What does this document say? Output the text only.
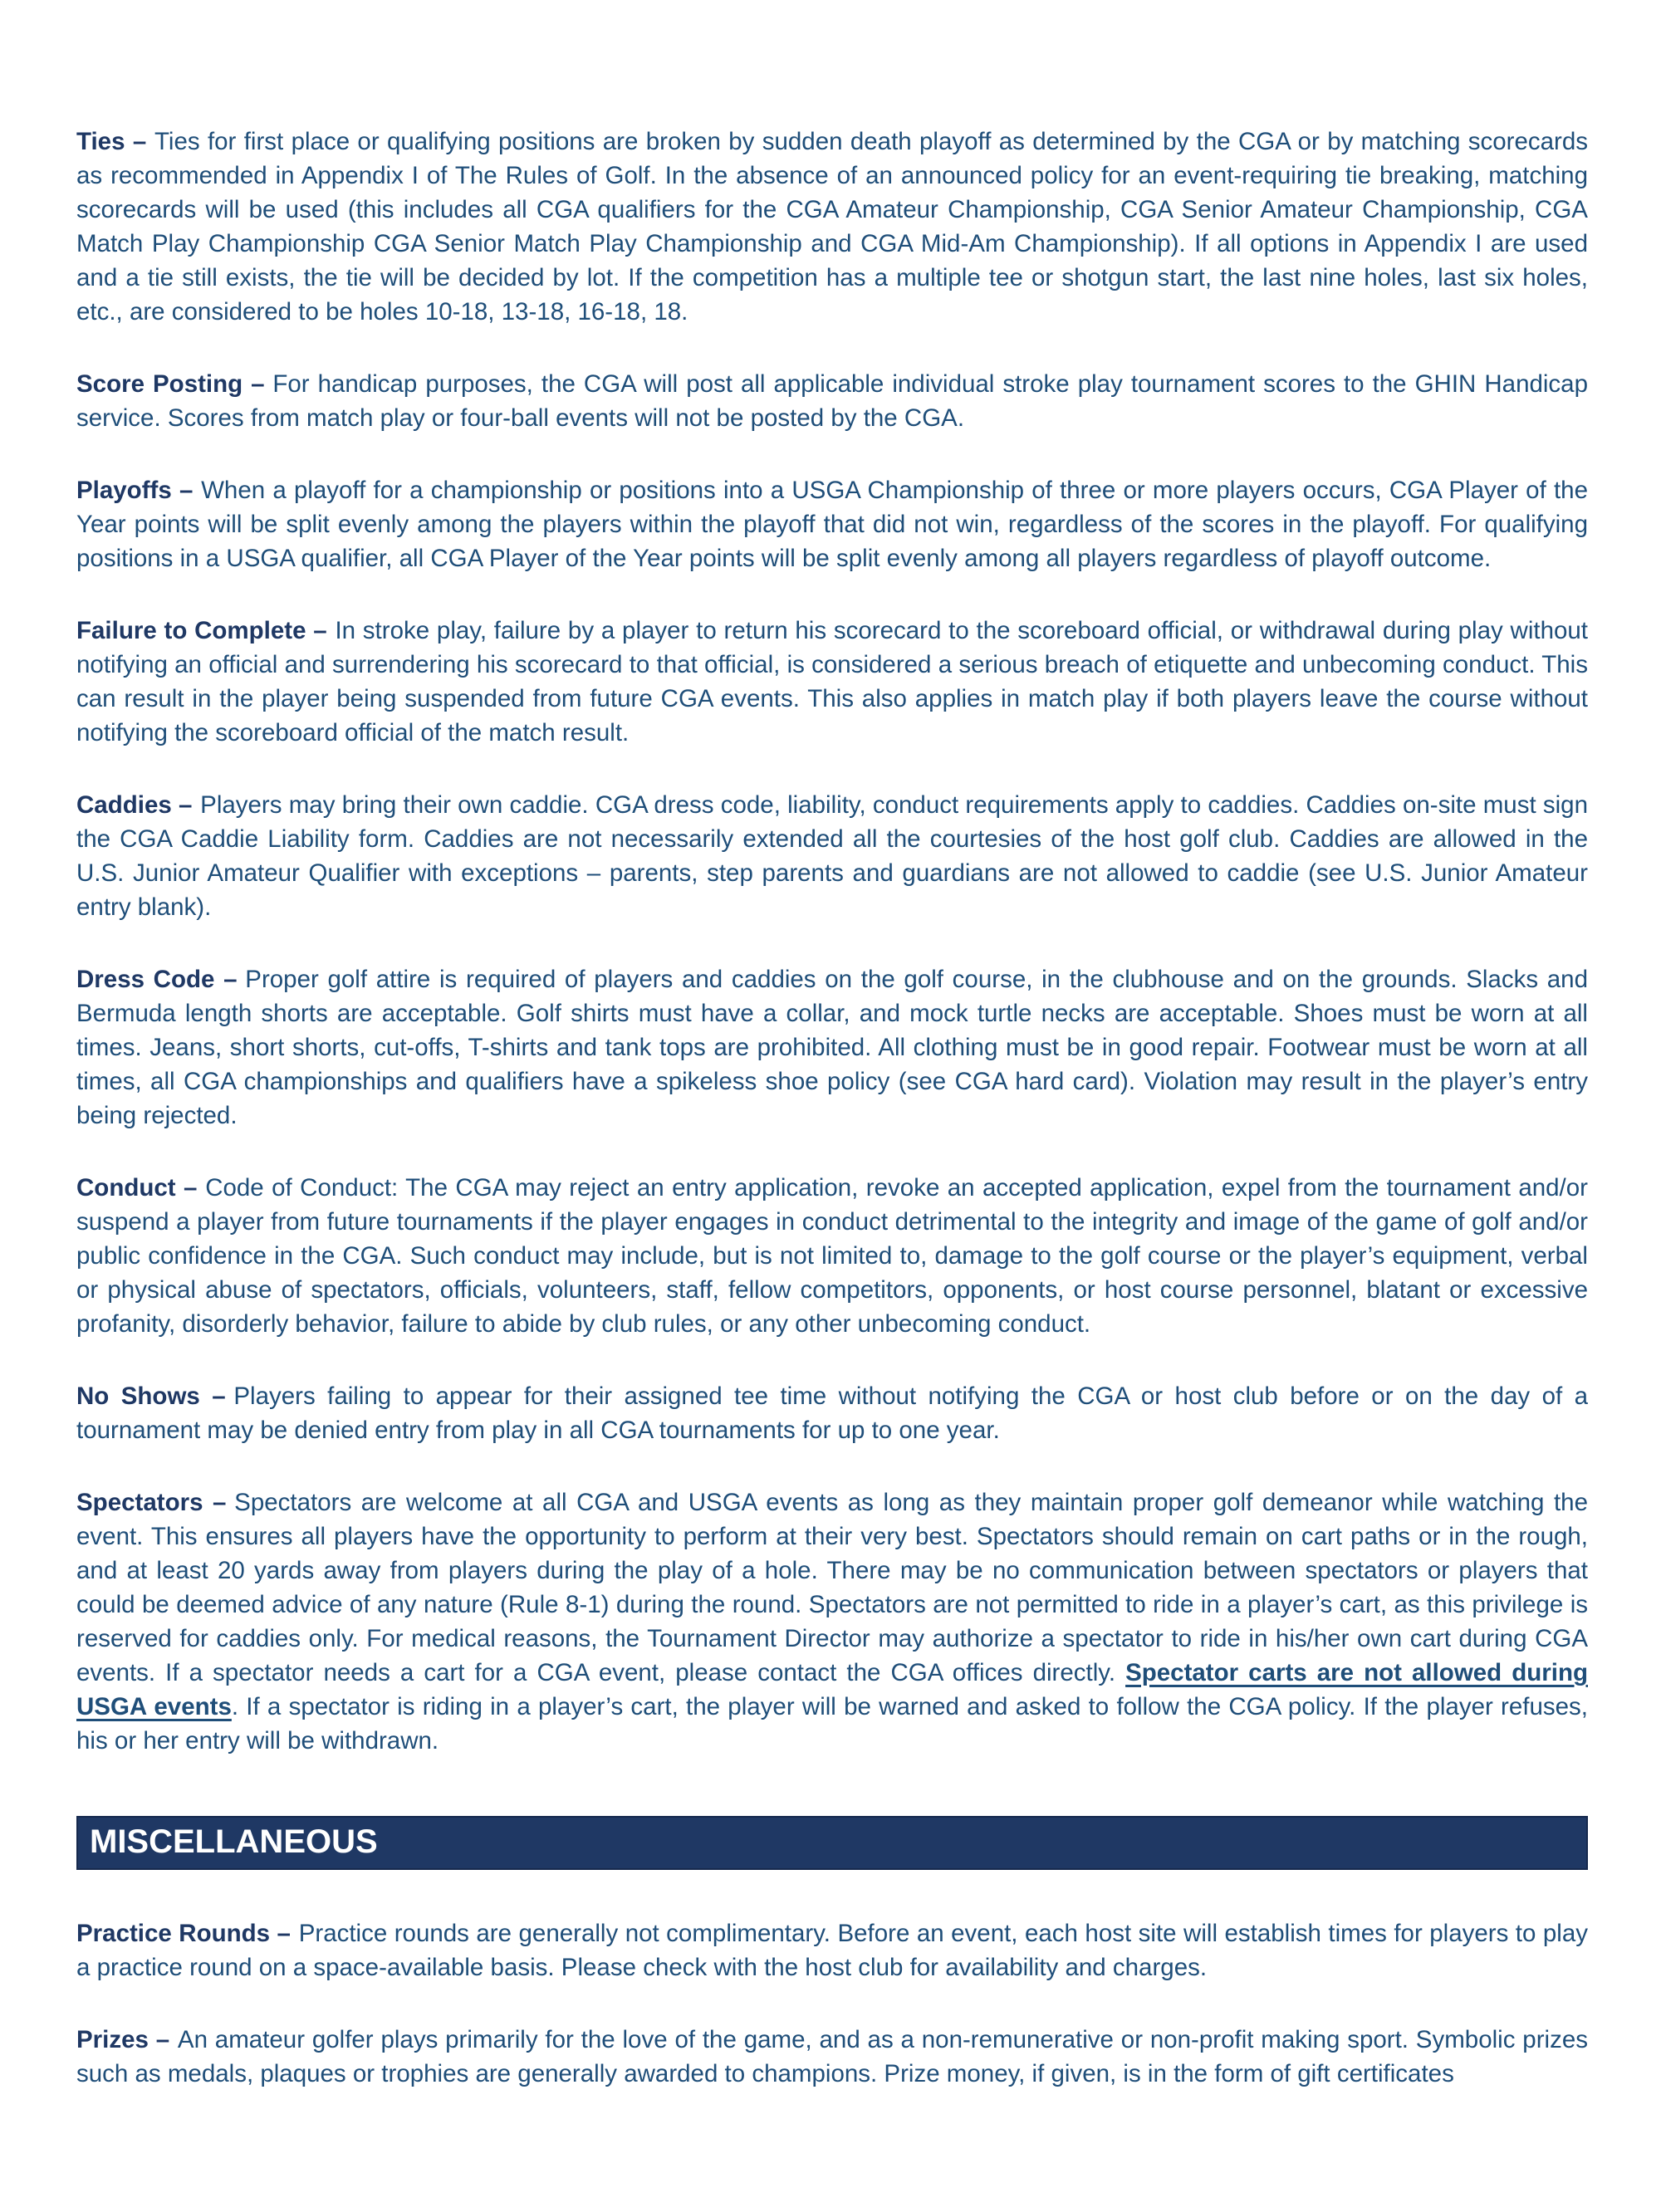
Ties – Ties for first place or qualifying positions are broken by sudden death playoff as determined by the CGA or by matching scorecards as recommended in Appendix I of The Rules of Golf. In the absence of an announced policy for an event-requiring tie breaking, matching scorecards will be used (this includes all CGA qualifiers for the CGA Amateur Championship, CGA Senior Amateur Championship, CGA Match Play Championship CGA Senior Match Play Championship and CGA Mid-Am Championship). If all options in Appendix I are used and a tie still exists, the tie will be decided by lot. If the competition has a multiple tee or shotgun start, the last nine holes, last six holes, etc., are considered to be holes 10-18, 13-18, 16-18, 18.

Score Posting – For handicap purposes, the CGA will post all applicable individual stroke play tournament scores to the GHIN Handicap service. Scores from match play or four-ball events will not be posted by the CGA.

Playoffs – When a playoff for a championship or positions into a USGA Championship of three or more players occurs, CGA Player of the Year points will be split evenly among the players within the playoff that did not win, regardless of the scores in the playoff. For qualifying positions in a USGA qualifier, all CGA Player of the Year points will be split evenly among all players regardless of playoff outcome.

Failure to Complete – In stroke play, failure by a player to return his scorecard to the scoreboard official, or withdrawal during play without notifying an official and surrendering his scorecard to that official, is considered a serious breach of etiquette and unbecoming conduct. This can result in the player being suspended from future CGA events. This also applies in match play if both players leave the course without notifying the scoreboard official of the match result.

Caddies – Players may bring their own caddie. CGA dress code, liability, conduct requirements apply to caddies. Caddies on-site must sign the CGA Caddie Liability form. Caddies are not necessarily extended all the courtesies of the host golf club. Caddies are allowed in the U.S. Junior Amateur Qualifier with exceptions – parents, step parents and guardians are not allowed to caddie (see U.S. Junior Amateur entry blank).

Dress Code – Proper golf attire is required of players and caddies on the golf course, in the clubhouse and on the grounds. Slacks and Bermuda length shorts are acceptable. Golf shirts must have a collar, and mock turtle necks are acceptable. Shoes must be worn at all times. Jeans, short shorts, cut-offs, T-shirts and tank tops are prohibited. All clothing must be in good repair. Footwear must be worn at all times, all CGA championships and qualifiers have a spikeless shoe policy (see CGA hard card). Violation may result in the player’s entry being rejected.

Conduct – Code of Conduct: The CGA may reject an entry application, revoke an accepted application, expel from the tournament and/or suspend a player from future tournaments if the player engages in conduct detrimental to the integrity and image of the game of golf and/or public confidence in the CGA. Such conduct may include, but is not limited to, damage to the golf course or the player’s equipment, verbal or physical abuse of spectators, officials, volunteers, staff, fellow competitors, opponents, or host course personnel, blatant or excessive profanity, disorderly behavior, failure to abide by club rules, or any other unbecoming conduct.

No Shows – Players failing to appear for their assigned tee time without notifying the CGA or host club before or on the day of a tournament may be denied entry from play in all CGA tournaments for up to one year.

Spectators – Spectators are welcome at all CGA and USGA events as long as they maintain proper golf demeanor while watching the event. This ensures all players have the opportunity to perform at their very best. Spectators should remain on cart paths or in the rough, and at least 20 yards away from players during the play of a hole. There may be no communication between spectators or players that could be deemed advice of any nature (Rule 8-1) during the round. Spectators are not permitted to ride in a player’s cart, as this privilege is reserved for caddies only. For medical reasons, the Tournament Director may authorize a spectator to ride in his/her own cart during CGA events. If a spectator needs a cart for a CGA event, please contact the CGA offices directly. Spectator carts are not allowed during USGA events. If a spectator is riding in a player’s cart, the player will be warned and asked to follow the CGA policy. If the player refuses, his or her entry will be withdrawn.

MISCELLANEOUS

Practice Rounds – Practice rounds are generally not complimentary. Before an event, each host site will establish times for players to play a practice round on a space-available basis. Please check with the host club for availability and charges.

Prizes – An amateur golfer plays primarily for the love of the game, and as a non-remunerative or non-profit making sport. Symbolic prizes such as medals, plaques or trophies are generally awarded to champions. Prize money, if given, is in the form of gift certificates
